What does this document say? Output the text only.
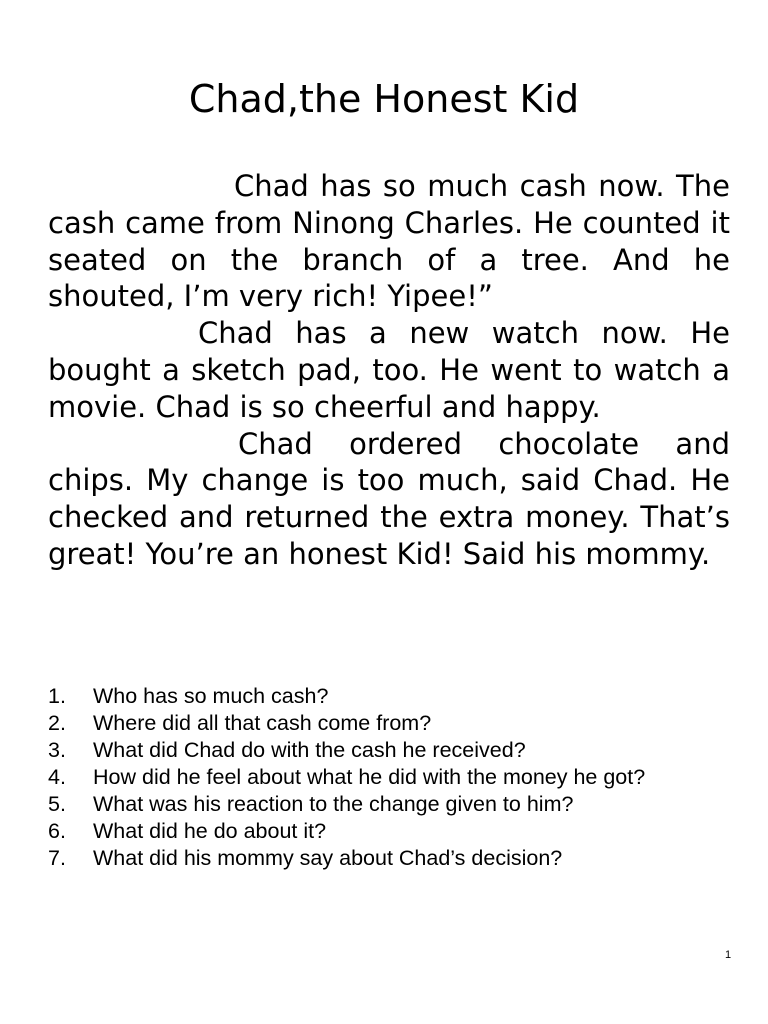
Chad,the Honest Kid

Chad has so much cash now. The cash came from Ninong Charles. He counted it seated on the branch of a tree. And he shouted, I’m very rich! Yipee!”

Chad has a new watch now. He bought a sketch pad, too. He went to watch a movie. Chad is so cheerful and happy.

Chad ordered chocolate and chips. My change is too much, said Chad. He checked and returned the extra money. That’s great! You’re an honest Kid! Said his mommy.

1.	Who has so much cash?
2.	Where did all that cash come from?
3.	What did Chad do with the cash he received?
4.	How did he feel about what he did with the money he got?
5.	What was his reaction to the change given to him?
6.	What did he do about it?
7.	What did his mommy say about Chad’s decision?
1
